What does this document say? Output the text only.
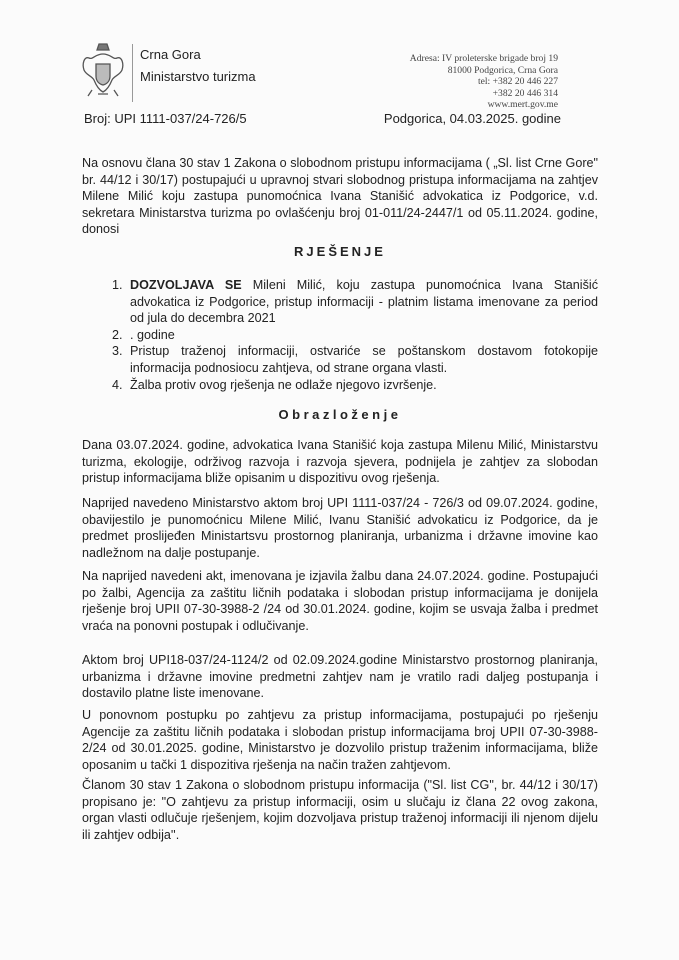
Crna Gora
Ministarstvo turizma
Adresa: IV proleterske brigade broj 19
81000 Podgorica, Crna Gora
tel: +382 20 446 227
+382 20 446 314
www.mert.gov.me
Broj: UPI 1111-037/24-726/5	Podgorica, 04.03.2025. godine
Na osnovu člana 30 stav 1 Zakona o slobodnom pristupu informacijama ( „Sl. list Crne Gore" br. 44/12 i 30/17) postupajući u upravnoj stvari slobodnog pristupa informacijama na zahtjev Milene Milić koju zastupa punomoćnica Ivana Stanišić advokatica iz Podgorice, v.d. sekretara Ministarstva turizma po ovlašćenju broj 01-011/24-2447/1 od 05.11.2024. godine, donosi
RJEŠENJE
1. DOZVOLJAVA SE Mileni Milić, koju zastupa punomoćnica Ivana Stanišić advokatica iz Podgorice, pristup informaciji - platnim listama imenovane za period od jula do decembra 2021
2. . godine
3. Pristup traženoj informaciji, ostvariće se poštanskom dostavom fotokopije informacija podnosiocu zahtjeva, od strane organa vlasti.
4. Žalba protiv ovog rješenja ne odlaže njegovo izvršenje.
Obrazloženje
Dana 03.07.2024. godine, advokatica Ivana Stanišić koja zastupa Milenu Milić, Ministarstvu turizma, ekologije, održivog razvoja i razvoja sjevera, podnijela je zahtjev za slobodan pristup informacijama bliže opisanim u dispozitivu ovog rješenja.
Naprijed navedeno Ministarstvo aktom broj UPI 1111-037/24 - 726/3 od 09.07.2024. godine, obavijestilo je punomoćnicu Milene Milić, Ivanu Stanišić advokaticu iz Podgorice, da je predmet proslijeđen Ministartsvu prostornog planiranja, urbanizma i državne imovine kao nadležnom na dalje postupanje.
Na naprijed navedeni akt, imenovana je izjavila žalbu dana 24.07.2024. godine. Postupajući po žalbi, Agencija za zaštitu ličnih podataka i slobodan pristup informacijama je donijela rješenje broj UPII 07-30-3988-2 /24 od 30.01.2024. godine, kojim se usvaja žalba i predmet vraća na ponovni postupak i odlučivanje.
Aktom broj UPI18-037/24-1124/2 od 02.09.2024.godine Ministarstvo prostornog planiranja, urbanizma i državne imovine predmetni zahtjev nam je vratilo radi daljeg postupanja i dostavilo platne liste imenovane.
U ponovnom postupku po zahtjevu za pristup informacijama, postupajući po rješenju Agencije za zaštitu ličnih podataka i slobodan pristup informacijama broj UPII 07-30-3988-2/24 od 30.01.2025. godine, Ministarstvo je dozvolilo pristup traženim informacijama, bliže oposanim u tački 1 dispozitiva rješenja na način tražen zahtjevom.
Članom 30 stav 1 Zakona o slobodnom pristupu informacija ("Sl. list CG", br. 44/12 i 30/17) propisano je: "O zahtjevu za pristup informaciji, osim u slučaju iz člana 22 ovog zakona, organ vlasti odlučuje rješenjem, kojim dozvoljava pristup traženoj informaciji ili njenom dijelu ili zahtjev odbija''.
